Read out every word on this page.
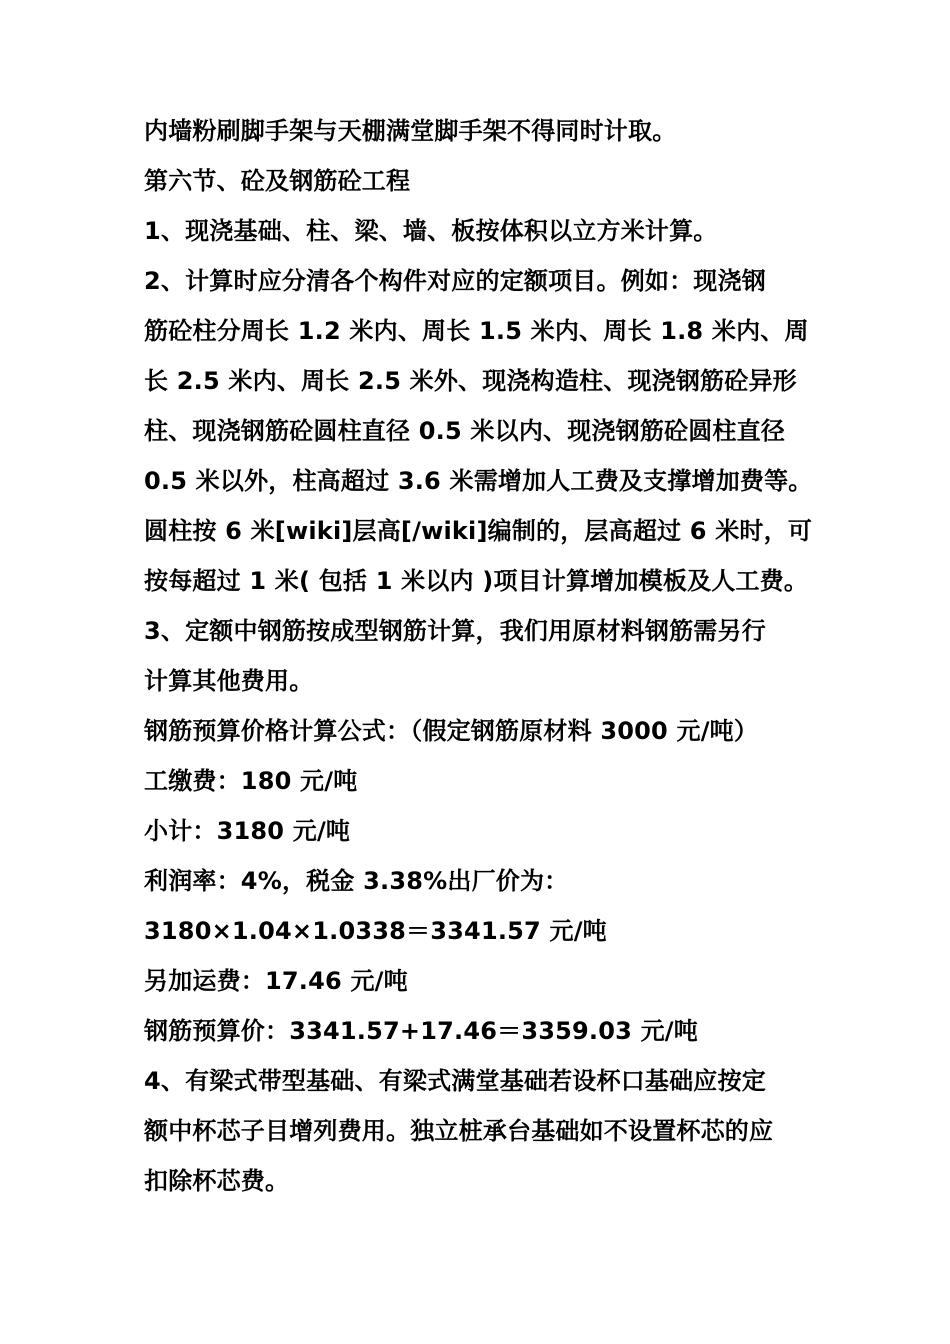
内墙粉刷脚手架与天棚满堂脚手架不得同时计取。
第六节、砼及钢筋砼工程
1、现浇基础、柱、梁、墙、板按体积以立方米计算。
2、计算时应分清各个构件对应的定额项目。例如：现浇钢
筋砼柱分周长 1.2 米内、周长 1.5 米内、周长 1.8 米内、周
长 2.5 米内、周长 2.5 米外、现浇构造柱、现浇钢筋砼异形
柱、现浇钢筋砼圆柱直径 0.5 米以内、现浇钢筋砼圆柱直径
0.5 米以外，柱高超过 3.6 米需增加人工费及支撑增加费等。
圆柱按 6 米[wiki]层高[/wiki]编制的，层高超过 6 米时，可
按每超过 1 米( 包括 1 米以内 )项目计算增加模板及人工费。
3、定额中钢筋按成型钢筋计算，我们用原材料钢筋需另行
计算其他费用。
钢筋预算价格计算公式：（假定钢筋原材料 3000 元/吨）
工缴费：180 元/吨
小计：3180 元/吨
利润率：4%，税金 3.38%出厂价为：
3180×1.04×1.0338＝3341.57 元/吨
另加运费：17.46 元/吨
钢筋预算价：3341.57+17.46＝3359.03 元/吨
4、有梁式带型基础、有梁式满堂基础若设杯口基础应按定
额中杯芯子目增列费用。独立桩承台基础如不设置杯芯的应
扣除杯芯费。
